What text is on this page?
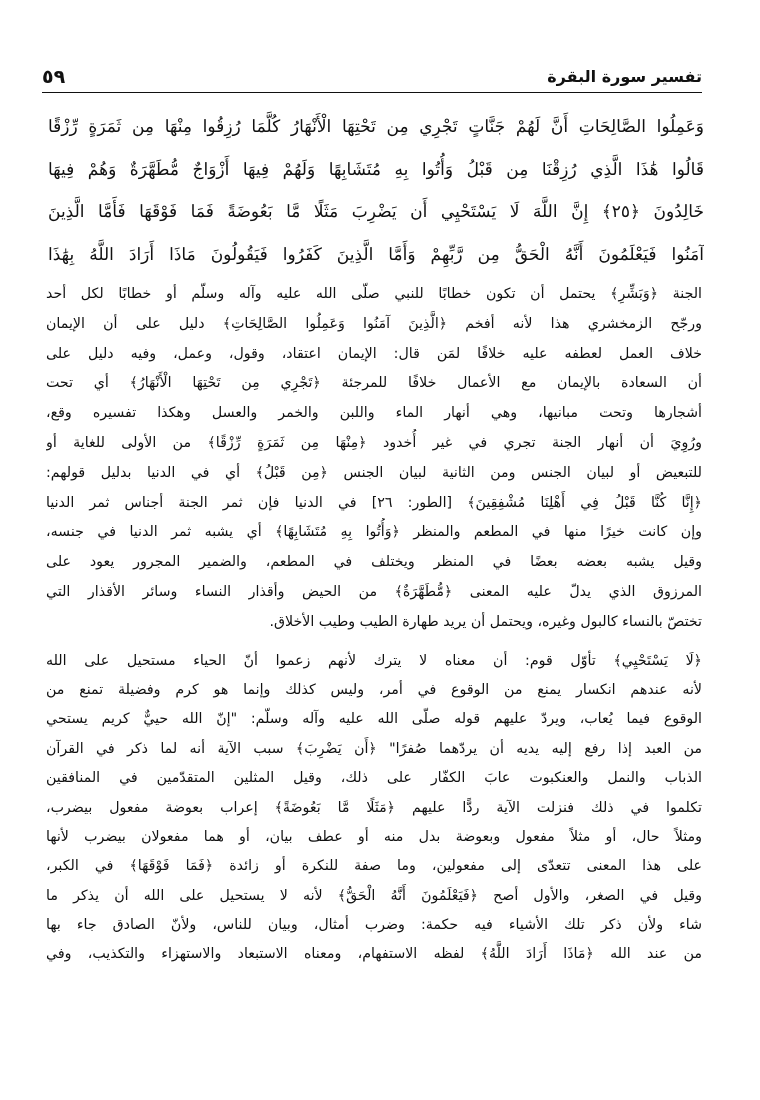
تفسير سورة البقرة
٥٩
وَعَمِلُوا الصَّالِحَاتِ أَنَّ لَهُمْ جَنَّاتٍ تَجْرِي مِن تَحْتِهَا الْأَنْهَارُ كُلَّمَا رُزِقُوا مِنْهَا مِن ثَمَرَةٍ رِّزْقًا
قَالُوا هَٰذَا الَّذِي رُزِقْنَا مِن قَبْلُ وَأُتُوا بِهِ مُتَشَابِهًا وَلَهُمْ فِيهَا أَزْوَاجٌ مُّطَهَّرَةٌ وَهُمْ فِيهَا
خَالِدُونَ ﴿٢٥﴾ إِنَّ اللَّهَ لَا يَسْتَحْيِي أَن يَضْرِبَ مَثَلًا مَّا بَعُوضَةً فَمَا فَوْقَهَا فَأَمَّا الَّذِينَ
آمَنُوا فَيَعْلَمُونَ أَنَّهُ الْحَقُّ مِن رَّبِّهِمْ وَأَمَّا الَّذِينَ كَفَرُوا فَيَقُولُونَ مَاذَا أَرَادَ اللَّهُ بِهَٰذَا
الجنة ﴿وَبَشِّرِ﴾ يحتمل أن تكون خطابًا للنبي صلّى الله عليه وآله وسلّم أو خطابًا لكل أحد
ورجّح الزمخشري هذا لأنه أفخم ﴿الَّذِينَ آمَنُوا وَعَمِلُوا الصَّالِحَاتِ﴾ دليل على أن الإيمان
خلاف العمل لعطفه عليه خلافًا لمَن قال: الإيمان اعتقاد، وقول، وعمل، وفيه دليل على
أن السعادة بالإيمان مع الأعمال خلافًا للمرجئة ﴿تَجْرِي مِن تَحْتِهَا الْأَنْهَارُ﴾ أي تحت
أشجارها وتحت مبانيها، وهي أنهار الماء واللبن والخمر والعسل وهكذا تفسيره وقع،
ورُوِيَ أن أنهار الجنة تجري في غير أُخدود ﴿مِنْهَا مِن ثَمَرَةٍ رِّزْقًا﴾ من الأولى للغاية أو
للتبعيض أو لبيان الجنس ومن الثانية لبيان الجنس ﴿مِن قَبْلُ﴾ أي في الدنيا بدليل قولهم:
﴿إِنَّا كُنَّا قَبْلُ فِي أَهْلِنَا مُشْفِقِينَ﴾ [الطور: ٢٦] في الدنيا فإن ثمر الجنة أجناس ثمر الدنيا
وإن كانت خيرًا منها في المطعم والمنظر ﴿وَأُتُوا بِهِ مُتَشَابِهًا﴾ أي يشبه ثمر الدنيا في جنسه،
وقيل يشبه بعضه بعضًا في المنظر ويختلف في المطعم، والضمير المجرور يعود على
المرزوق الذي يدلّ عليه المعنى ﴿مُّطَهَّرَةٌ﴾ من الحيض وأقذار النساء وسائر الأقذار التي
تختصّ بالنساء كالبول وغيره، ويحتمل أن يريد طهارة الطيب وطيب الأخلاق.
﴿لَا يَسْتَحْيِي﴾ تأوّل قوم: أن معناه لا يترك لأنهم زعموا أنّ الحياء مستحيل على الله
لأنه عندهم انكسار يمنع من الوقوع في أمر، وليس كذلك وإنما هو كرم وفضيلة تمنع من
الوقوع فيما يُعاب، ويردّ عليهم قوله صلّى الله عليه وآله وسلّم: "إنّ الله حييٌّ كريم يستحي
من العبد إذا رفع إليه يديه أن يردّهما صُفرًا" ﴿أَن يَضْرِبَ﴾ سبب الآية أنه لما ذكر في القرآن
الذباب والنمل والعنكبوت عابَ الكفّار على ذلك، وقيل المثلين المتقدّمين في المنافقين
تكلموا في ذلك فنزلت الآية ردًّا عليهم ﴿مَثَلًا مَّا بَعُوضَةً﴾ إعراب بعوضة مفعول بيضرب،
ومثلاً حال، أو مثلاً مفعول وبعوضة بدل منه أو عطف بيان، أو هما مفعولان بيضرب لأنها
على هذا المعنى تتعدّى إلى مفعولين، وما صفة للنكرة أو زائدة ﴿فَمَا فَوْقَهَا﴾ في الكبر،
وقيل في الصغر، والأول أصح ﴿فَيَعْلَمُونَ أَنَّهُ الْحَقُّ﴾ لأنه لا يستحيل على الله أن يذكر ما
شاء ولأن ذكر تلك الأشياء فيه حكمة: وضرب أمثال، وبيان للناس، ولأنّ الصادق جاء بها
من عند الله ﴿مَاذَا أَرَادَ اللَّهُ﴾ لفظه الاستفهام، ومعناه الاستبعاد والاستهزاء والتكذيب، وفي
